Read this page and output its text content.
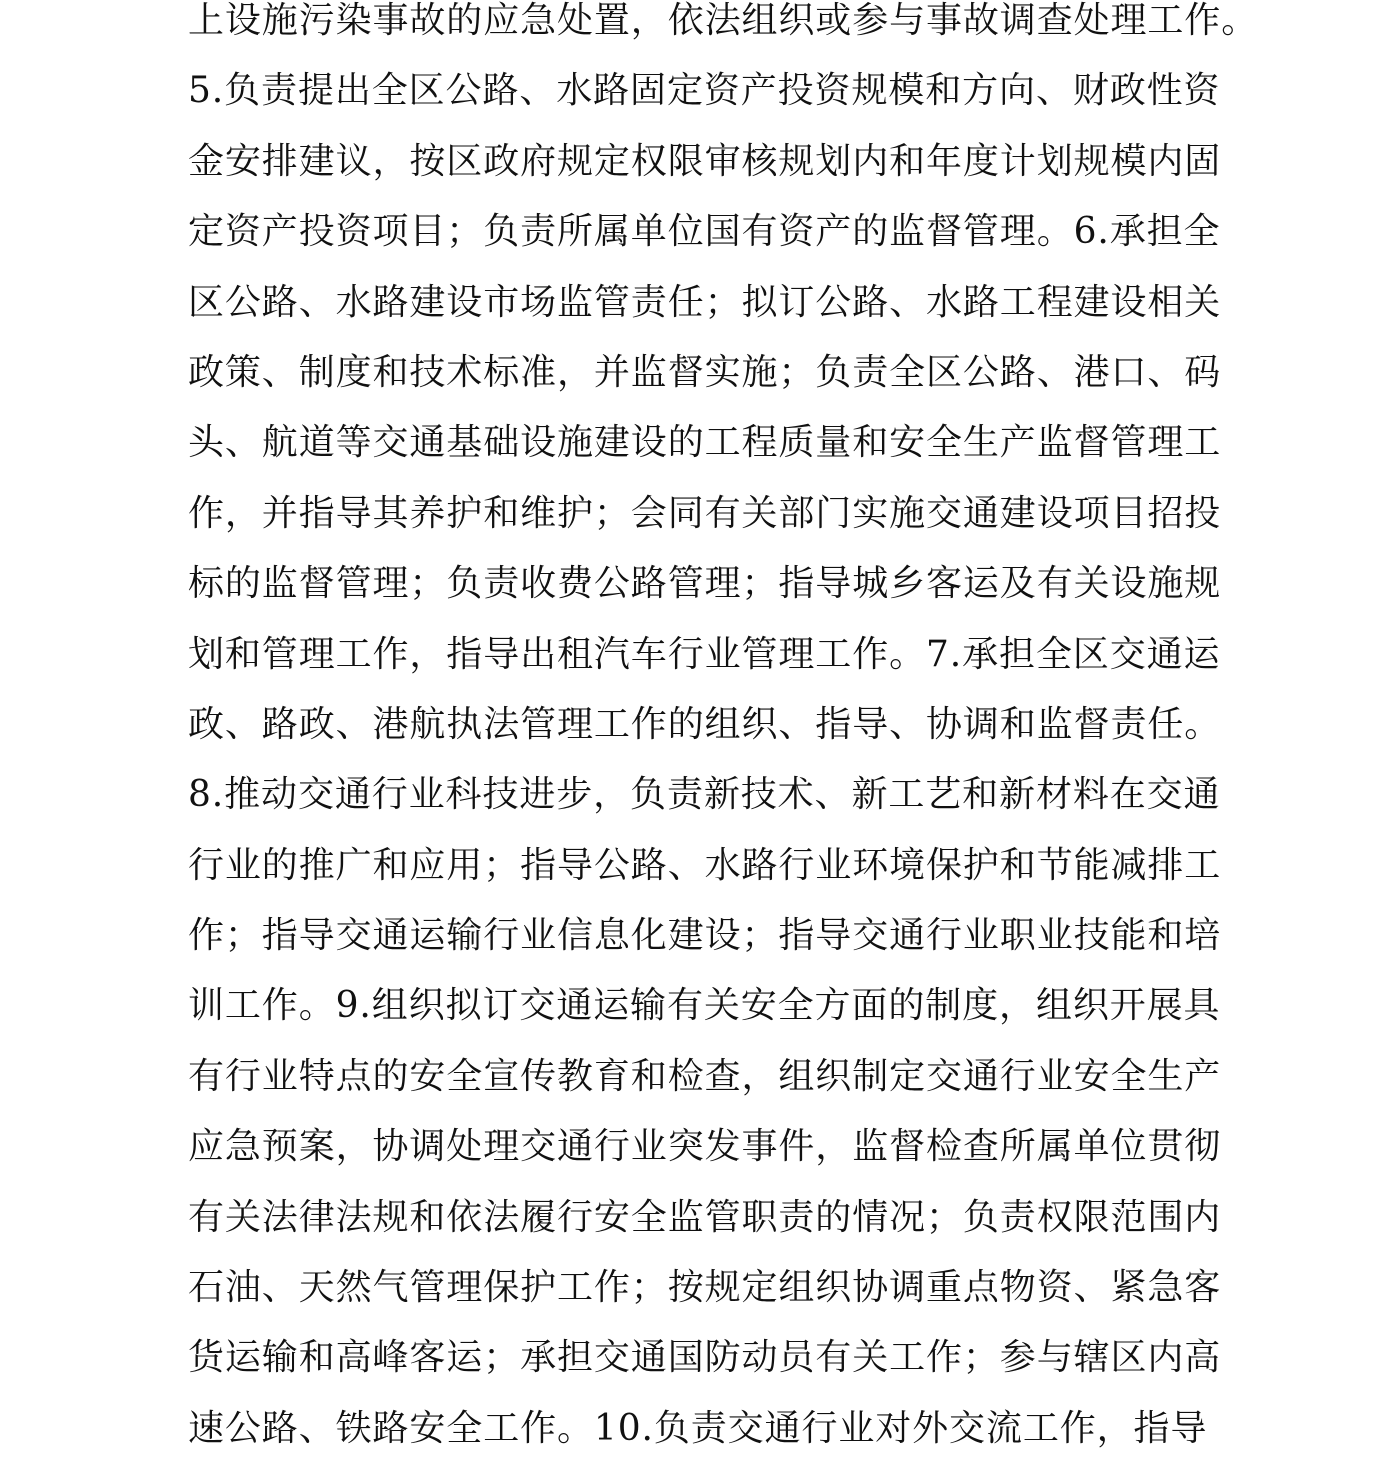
上设施污染事故的应急处置，依法组织或参与事故调查处理工作。
5.负责提出全区公路、水路固定资产投资规模和方向、财政性资
金安排建议，按区政府规定权限审核规划内和年度计划规模内固
定资产投资项目；负责所属单位国有资产的监督管理。6.承担全
区公路、水路建设市场监管责任；拟订公路、水路工程建设相关
政策、制度和技术标准，并监督实施；负责全区公路、港口、码
头、航道等交通基础设施建设的工程质量和安全生产监督管理工
作，并指导其养护和维护；会同有关部门实施交通建设项目招投
标的监督管理；负责收费公路管理；指导城乡客运及有关设施规
划和管理工作，指导出租汽车行业管理工作。7.承担全区交通运
政、路政、港航执法管理工作的组织、指导、协调和监督责任。
8.推动交通行业科技进步，负责新技术、新工艺和新材料在交通
行业的推广和应用；指导公路、水路行业环境保护和节能减排工
作；指导交通运输行业信息化建设；指导交通行业职业技能和培
训工作。9.组织拟订交通运输有关安全方面的制度，组织开展具
有行业特点的安全宣传教育和检查，组织制定交通行业安全生产
应急预案，协调处理交通行业突发事件，监督检查所属单位贯彻
有关法律法规和依法履行安全监管职责的情况；负责权限范围内
石油、天然气管理保护工作；按规定组织协调重点物资、紧急客
货运输和高峰客运；承担交通国防动员有关工作；参与辖区内高
速公路、铁路安全工作。10.负责交通行业对外交流工作，指导
